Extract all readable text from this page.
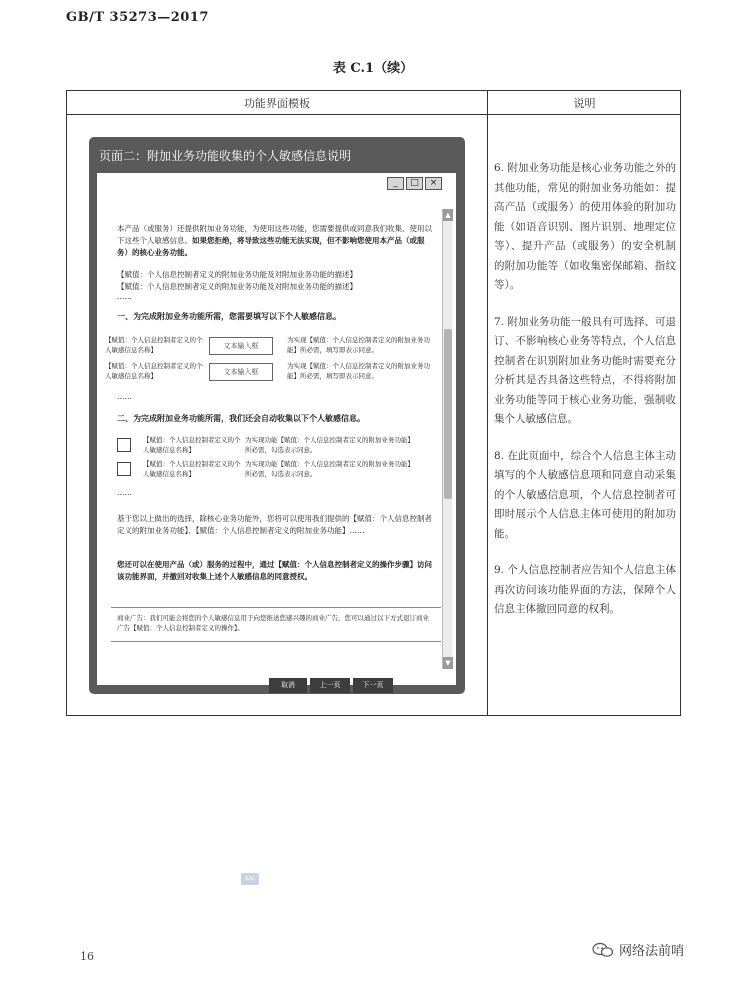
GB/T 35273—2017
表 C.1（续）
功能界面模板	说明
页面二：附加业务功能收集的个人敏感信息说明
_	□	×
▲
▼
本产品（或服务）还提供附加业务功能，为使用这些功能，您需要提供或同意我们收集、使用以下这些个人敏感信息。如果您拒绝，将导致这些功能无法实现，但不影响您使用本产品（或服务）的核心业务功能。
【赋值：个人信息控制者定义的附加业务功能及对附加业务功能的描述】
【赋值：个人信息控制者定义的附加业务功能及对附加业务功能的描述】
……
一、为完成附加业务功能所需，您需要填写以下个人敏感信息。
【赋值：个人信息控制者定义的个人敏感信息名称】	文本输入框
为实现【赋值：个人信息控制者定义的附加业务功能】所必需，填写即表示同意。
【赋值：个人信息控制者定义的个人敏感信息名称】	文本输入框
为实现【赋值：个人信息控制者定义的附加业务功能】所必需，填写即表示同意。
……
二、为完成附加业务功能所需，我们还会自动收集以下个人敏感信息。
【赋值：个人信息控制者定义的个人敏感信息名称】
为实现功能【赋值：个人信息控制者定义的附加业务功能】所必需，勾选表示同意。
【赋值：个人信息控制者定义的个人敏感信息名称】
为实现功能【赋值：个人信息控制者定义的附加业务功能】所必需，勾选表示同意。
……
基于您以上做出的选择，除核心业务功能外，您将可以使用我们提供的【赋值：个人信息控制者定义的附加业务功能】、【赋值：个人信息控制者定义的附加业务功能】……
您还可以在使用产品（或）服务的过程中，通过【赋值：个人信息控制者定义的操作步骤】访问该功能界面，并撤回对收集上述个人敏感信息的同意授权。
商业广告：我们可能会将您的个人敏感信息用于向您推送您感兴趣的商业广告，您可以通过以下方式退订商业广告【赋值：个人信息控制者定义的操作】。
取消	上一页	下一页
6. 附加业务功能是核心业务功能之外的其他功能，常见的附加业务功能如：提高产品（或服务）的使用体验的附加功能（如语音识别、图片识别、地理定位等）、提升产品（或服务）的安全机制的附加功能等（如收集密保邮箱、指纹等）。
7. 附加业务功能一般具有可选择、可退订、不影响核心业务等特点，个人信息控制者在识别附加业务功能时需要充分分析其是否具备这些特点，不得将附加业务功能等同于核心业务功能，强制收集个人敏感信息。
8. 在此页面中，综合个人信息主体主动填写的个人敏感信息项和同意自动采集的个人敏感信息项，个人信息控制者可即时展示个人信息主体可使用的附加功能。
9. 个人信息控制者应告知个人信息主体再次访问该功能界面的方法，保障个人信息主体撤回同意的权利。
SAC
16	网络法前哨
